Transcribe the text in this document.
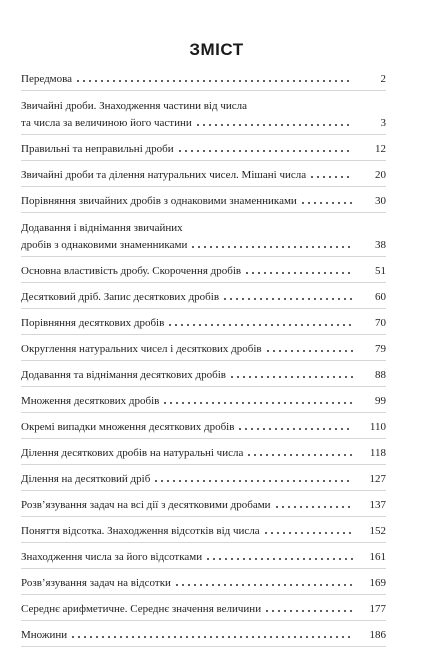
ЗМІСТ
Передмова	2
Звичайні дроби. Знаходження частини від числа
та числа за величиною його частини	3
Правильні та неправильні дроби	12
Звичайні дроби та ділення натуральних чисел. Мішані числа	20
Порівняння звичайних дробів з однаковими знаменниками	30
Додавання і віднімання звичайних
дробів з однаковими знаменниками	38
Основна властивість дробу. Скорочення дробів	51
Десятковий дріб. Запис десяткових дробів	60
Порівняння десяткових дробів	70
Округлення натуральних чисел і десяткових дробів	79
Додавання та віднімання десяткових дробів	88
Множення десяткових дробів	99
Окремі випадки множення десяткових дробів	110
Ділення десяткових дробів на натуральні числа	118
Ділення на десятковий дріб	127
Розв’язування задач на всі дії з десятковими дробами	137
Поняття відсотка. Знаходження відсотків від числа	152
Знаходження числа за його відсотками	161
Розв’язування задач на відсотки	169
Середнє арифметичне. Середнє значення величини	177
Множини	186
